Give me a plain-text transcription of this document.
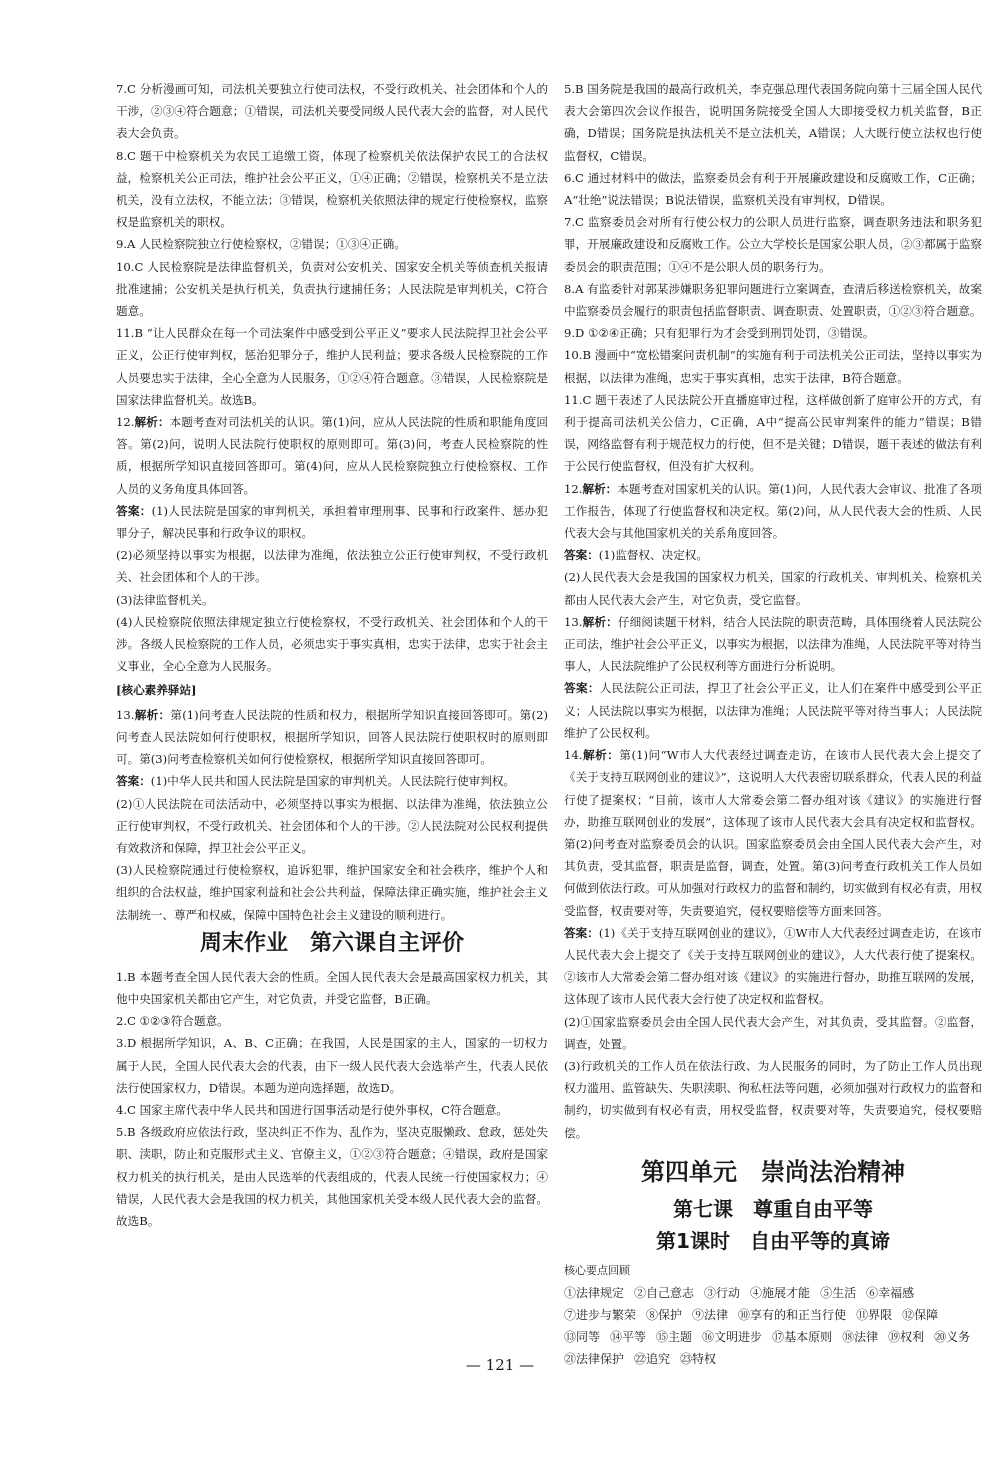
7.C 分析漫画可知，司法机关要独立行使司法权，不受行政机关、社会团体和个人的干涉，②③④符合题意；①错误，司法机关要受同级人民代表大会的监督，对人民代表大会负责。

8.C 题干中检察机关为农民工追缴工资，体现了检察机关依法保护农民工的合法权益，检察机关公正司法，维护社会公平正义，①④正确；②错误，检察机关不是立法机关，没有立法权，不能立法；③错误，检察机关依照法律的规定行使检察权，监察权是监察机关的职权。

9.A 人民检察院独立行使检察权，②错误；①③④正确。

10.C 人民检察院是法律监督机关，负责对公安机关、国家安全机关等侦查机关报请批准逮捕；公安机关是执行机关，负责执行逮捕任务；人民法院是审判机关，C符合题意。

11.B “让人民群众在每一个司法案件中感受到公平正义”要求人民法院捍卫社会公平正义，公正行使审判权，惩治犯罪分子，维护人民利益；要求各级人民检察院的工作人员要忠实于法律，全心全意为人民服务，①②④符合题意。③错误，人民检察院是国家法律监督机关。故选B。

12.解析：本题考查对司法机关的认识。第(1)问，应从人民法院的性质和职能角度回答。第(2)问，说明人民法院行使职权的原则即可。第(3)问，考查人民检察院的性质，根据所学知识直接回答即可。第(4)问，应从人民检察院独立行使检察权、工作人员的义务角度具体回答。

答案：(1)人民法院是国家的审判机关，承担着审理刑事、民事和行政案件、惩办犯罪分子，解决民事和行政争议的职权。

(2)必须坚持以事实为根据，以法律为准绳，依法独立公正行使审判权，不受行政机关、社会团体和个人的干涉。

(3)法律监督机关。

(4)人民检察院依照法律规定独立行使检察权，不受行政机关、社会团体和个人的干涉。各级人民检察院的工作人员，必须忠实于事实真相，忠实于法律，忠实于社会主义事业，全心全意为人民服务。

[核心素养驿站]

13.解析：第(1)问考查人民法院的性质和权力，根据所学知识直接回答即可。第(2)问考查人民法院如何行使职权，根据所学知识，回答人民法院行使职权时的原则即可。第(3)问考查检察机关如何行使检察权，根据所学知识直接回答即可。

答案：(1)中华人民共和国人民法院是国家的审判机关。人民法院行使审判权。

(2)①人民法院在司法活动中，必须坚持以事实为根据、以法律为准绳，依法独立公正行使审判权，不受行政机关、社会团体和个人的干涉。②人民法院对公民权利提供有效救济和保障，捍卫社会公平正义。

(3)人民检察院通过行使检察权，追诉犯罪，维护国家安全和社会秩序，维护个人和组织的合法权益，维护国家利益和社会公共利益，保障法律正确实施，维护社会主义法制统一、尊严和权威，保障中国特色社会主义建设的顺利进行。

周末作业　第六课自主评价

1.B 本题考查全国人民代表大会的性质。全国人民代表大会是最高国家权力机关，其他中央国家机关都由它产生，对它负责，并受它监督，B正确。

2.C ①②③符合题意。

3.D 根据所学知识，A、B、C正确；在我国，人民是国家的主人，国家的一切权力属于人民，全国人民代表大会的代表，由下一级人民代表大会选举产生，代表人民依法行使国家权力，D错误。本题为逆向选择题，故选D。

4.C 国家主席代表中华人民共和国进行国事活动是行使外事权，C符合题意。

5.B 各级政府应依法行政，坚决纠正不作为、乱作为，坚决克服懒政、怠政，惩处失职、渎职，防止和克服形式主义、官僚主义，①②③符合题意；④错误，政府是国家权力机关的执行机关，是由人民选举的代表组成的，代表人民统一行使国家权力；④错误，人民代表大会是我国的权力机关，其他国家机关受本级人民代表大会的监督。故选B。

5.B 国务院是我国的最高行政机关，李克强总理代表国务院向第十三届全国人民代表大会第四次会议作报告，说明国务院接受全国人大即接受权力机关监督，B正确，D错误；国务院是执法机关不是立法机关，A错误；人大既行使立法权也行使监督权，C错误。

6.C 通过材料中的做法，监察委员会有利于开展廉政建设和反腐败工作，C正确；A“壮绝”说法错误；B说法错误，监察机关没有审判权，D错误。

7.C 监察委员会对所有行使公权力的公职人员进行监察，调查职务违法和职务犯罪，开展廉政建设和反腐败工作。公立大学校长是国家公职人员，②③都属于监察委员会的职责范围；①④不是公职人员的职务行为。

8.A 有监委针对郭某涉嫌职务犯罪问题进行立案调查，查清后移送检察机关，故案中监察委员会履行的职责包括监督职责、调查职责、处置职责，①②③符合题意。

9.D ①②④正确；只有犯罪行为才会受到刑罚处罚，③错误。

10.B 漫画中“宽松错案问责机制”的实施有利于司法机关公正司法，坚持以事实为根据，以法律为准绳，忠实于事实真相，忠实于法律，B符合题意。

11.C 题干表述了人民法院公开直播庭审过程，这样做创新了庭审公开的方式，有利于提高司法机关公信力，C正确，A中“提高公民审判案件的能力”错误；B错误，网络监督有利于规范权力的行使，但不是关键；D错误，题干表述的做法有利于公民行使监督权，但没有扩大权利。

12.解析：本题考查对国家机关的认识。第(1)问，人民代表大会审议、批准了各项工作报告，体现了行使监督权和决定权。第(2)问，从人民代表大会的性质、人民代表大会与其他国家机关的关系角度回答。

答案：(1)监督权、决定权。

(2)人民代表大会是我国的国家权力机关，国家的行政机关、审判机关、检察机关都由人民代表大会产生，对它负责，受它监督。

13.解析：仔细阅读题干材料，结合人民法院的职责范畴，具体围绕着人民法院公正司法，维护社会公平正义，以事实为根据，以法律为准绳，人民法院平等对待当事人，人民法院维护了公民权利等方面进行分析说明。

答案：人民法院公正司法，捍卫了社会公平正义，让人们在案件中感受到公平正义；人民法院以事实为根据，以法律为准绳；人民法院平等对待当事人；人民法院维护了公民权利。

14.解析：第(1)问“W市人大代表经过调查走访，在该市人民代表大会上提交了《关于支持互联网创业的建议》”，这说明人大代表密切联系群众，代表人民的利益行使了提案权；“目前，该市人大常委会第二督办组对该《建议》的实施进行督办，助推互联网创业的发展”，这体现了该市人民代表大会具有决定权和监督权。第(2)问考查对监察委员会的认识。国家监察委员会由全国人民代表大会产生，对其负责，受其监督，职责是监督，调查，处置。第(3)问考查行政机关工作人员如何做到依法行政。可从加强对行政权力的监督和制约，切实做到有权必有责，用权受监督，权责要对等，失责要追究，侵权要赔偿等方面来回答。

答案：(1)《关于支持互联网创业的建议》，①W市人大代表经过调查走访，在该市人民代表大会上提交了《关于支持互联网创业的建议》，人大代表行使了提案权。②该市人大常委会第二督办组对该《建议》的实施进行督办，助推互联网的发展，这体现了该市人民代表大会行使了决定权和监督权。

(2)①国家监察委员会由全国人民代表大会产生，对其负责，受其监督。②监督，调查，处置。

(3)行政机关的工作人员在依法行政、为人民服务的同时，为了防止工作人员出现权力滥用、监管缺失、失职渎职、徇私枉法等问题，必须加强对行政权力的监督和制约，切实做到有权必有责，用权受监督，权责要对等，失责要追究，侵权要赔偿。

第四单元　崇尚法治精神
第七课　尊重自由平等
第1课时　自由平等的真谛
核心要点回顾
①法律规定 ②自己意志 ③行动 ④施展才能 ⑤生活 ⑥幸福感
⑦进步与繁荣 ⑧保护 ⑨法律 ⑩享有的和正当行使 ⑪界限 ⑫保障
⑬同等 ⑭平等 ⑮主题 ⑯文明进步 ⑰基本原则 ⑱法律 ⑲权利 ⑳义务
㉑法律保护 ㉒追究 ㉓特权
— 121 —
